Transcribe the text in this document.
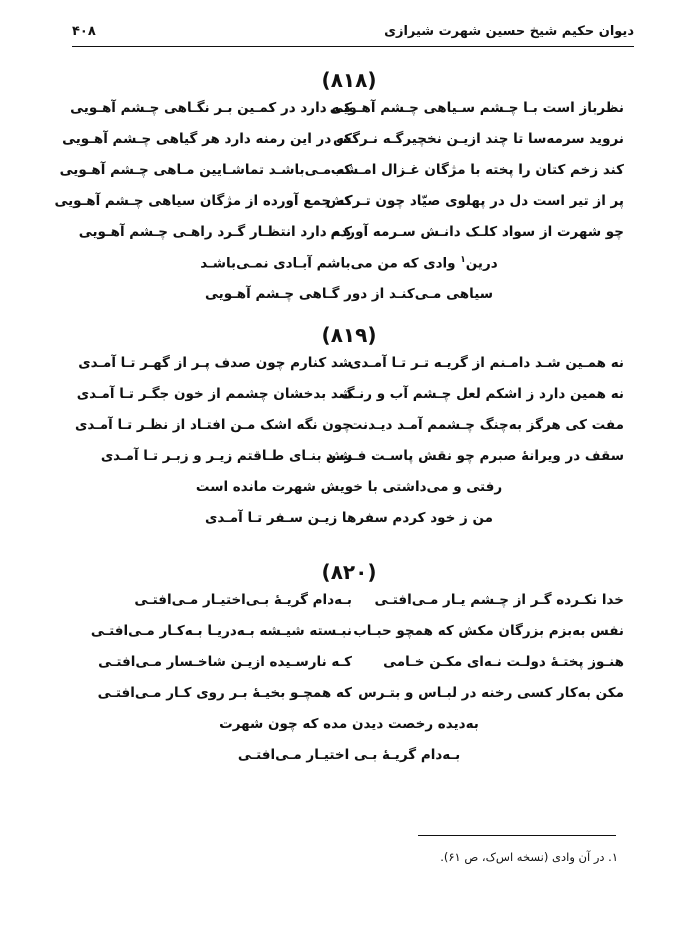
دیوان حکیم شیخ حسین شهرت شیرازی
۴۰۸
(۸۱۸)
نظرباز است بـا چـشم سـیاهی چـشم آهـویی
کـه دارد در کمـین بـر نگـاهی چـشم آهـویی
نروید سرمه‌سا تا چند ازیـن نخچیرگـه نـرگس
که در این رمنه دارد هر گیاهی چـشم آهـویی
کند زخم کتان را پخته با مژگان غـزال امـشب
که مـی‌باشـد تماشـایین مـاهی چـشم آهـویی
پر از تیر است دل در پهلوی صیّاد چون تـرکش
که جمع آورده از مژگان سیاهی چـشم آهـویی
چو شهرت از سواد کلـک دانـش سـرمه آوردم
کـه دارد انتظـار گـرد راهـی چـشم آهـویی
درین$^۱$ وادی که من می‌باشم آبـادی نمـی‌باشـد
سیاهی مـی‌کنـد از دور گـاهی چـشم آهـویی
(۸۱۹)
نه همـین شـد دامـنم از گریـه تـر تـا آمـدی
شد کنارم چون صدف پـر از گهـر تـا آمـدی
نه همین دارد ز اشکم لعل چـشم آب و رنـگ
شد بدخشان چشمم از خون جگـر تـا آمـدی
مفت کی هرگز به‌چنگ چـشمم آمـد دیـدنت
چون نگه اشک مـن افتـاد از نظـر تـا آمـدی
سقف در ویرانهٔ صبرم چو نقش پاسـت فـرش
شـد بنـای طـاقتم زیـر و زبـر تـا آمـدی
رفتی و می‌داشتی با خویش شهرت مانده است
من ز خود کردم سفرها زیـن سـفر تـا آمـدی
(۸۲۰)
خدا نکـرده گـر از چـشم یـار مـی‌افتـی
بـه‌دام گریـهٔ بـی‌اختیـار مـی‌افتـی
نفس به‌بزم بزرگان مکش که همچو حبـاب
نبـسته شیـشه بـه‌دریـا بـه‌کـار مـی‌افتـی
هنـوز پختـهٔ دولـت نـه‌ای مکـن خـامی
کـه نارسـیده ازیـن شاخـسار مـی‌افتـی
مکن به‌کار کسی رخنه در لبـاس و بتـرس
که همچـو بخیـهٔ بـر روی کـار مـی‌افتـی
به‌دیده رخصت دیدن مده که چون شهرت
بـه‌دام گریـهٔ بـی اختیـار مـی‌افتـی
۱. در آن وادی (نسخه اس‌ک، ص ۶۱).
